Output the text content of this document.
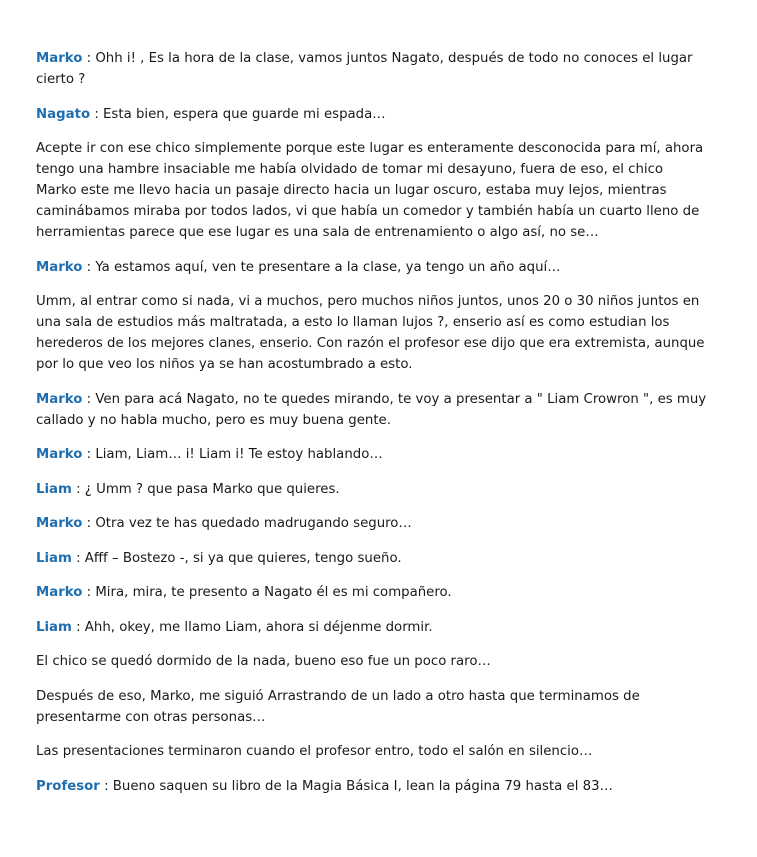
Marko : Ohh i! , Es la hora de la clase, vamos juntos Nagato, después de todo no conoces el lugar cierto ?

Nagato : Esta bien, espera que guarde mi espada…

Acepte ir con ese chico simplemente porque este lugar es enteramente desconocida para mí, ahora tengo una hambre insaciable me había olvidado de tomar mi desayuno, fuera de eso, el chico Marko este me llevo hacia un pasaje directo hacia un lugar oscuro, estaba muy lejos, mientras caminábamos miraba por todos lados, vi que había un comedor y también había un cuarto lleno de herramientas parece que ese lugar es una sala de entrenamiento o algo así, no se…

Marko : Ya estamos aquí, ven te presentare a la clase, ya tengo un año aquí…

Umm, al entrar como si nada, vi a muchos, pero muchos niños juntos, unos 20 o 30 niños juntos en una sala de estudios más maltratada, a esto lo llaman lujos ?, enserio así es como estudian los herederos de los mejores clanes, enserio. Con razón el profesor ese dijo que era extremista, aunque por lo que veo los niños ya se han acostumbrado a esto.

Marko : Ven para acá Nagato, no te quedes mirando, te voy a presentar a " Liam Crowron ", es muy callado y no habla mucho, pero es muy buena gente.

Marko : Liam, Liam… i! Liam i! Te estoy hablando…

Liam : ¿ Umm ? que pasa Marko que quieres.

Marko : Otra vez te has quedado madrugando seguro…

Liam : Afff – Bostezo -, si ya que quieres, tengo sueño.

Marko : Mira, mira, te presento a Nagato él es mi compañero.

Liam : Ahh, okey, me llamo Liam, ahora si déjenme dormir.

El chico se quedó dormido de la nada, bueno eso fue un poco raro…

Después de eso, Marko, me siguió Arrastrando de un lado a otro hasta que terminamos de presentarme con otras personas…

Las presentaciones terminaron cuando el profesor entro, todo el salón en silencio…

Profesor : Bueno saquen su libro de la Magia Básica I, lean la página 79 hasta el 83…
